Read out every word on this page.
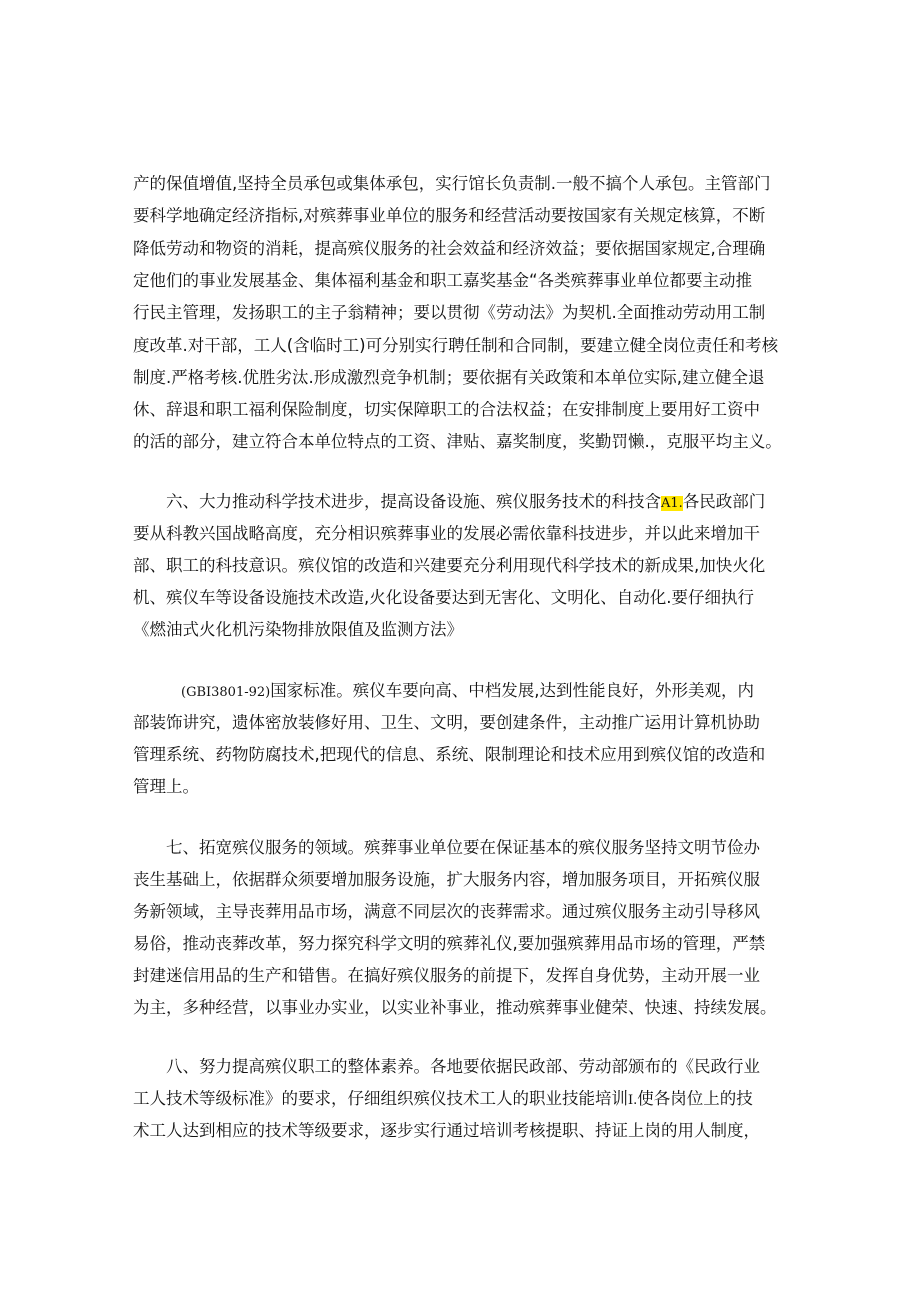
产的保值增值,坚持全员承包或集体承包，实行馆长负责制.一般不搞个人承包。主管部门
要科学地确定经济指标,对殡葬事业单位的服务和经营活动要按国家有关规定核算，不断
降低劳动和物资的消耗，提高殡仪服务的社会效益和经济效益；要依据国家规定,合理确
定他们的事业发展基金、集体福利基金和职工嘉奖基金“各类殡葬事业单位都要主动推
行民主管理，发扬职工的主子翁精神；要以贯彻《劳动法》为契机.全面推动劳动用工制
度改革.对干部，工人(含临时工)可分别实行聘任制和合同制，要建立健全岗位责任和考核
制度.严格考核.优胜劣汰.形成激烈竞争机制；要依据有关政策和本单位实际,建立健全退
休、辞退和职工福利保险制度，切实保障职工的合法权益；在安排制度上要用好工资中
的活的部分，建立符合本单位特点的工资、津贴、嘉奖制度，奖勤罚懒.，克服平均主义。
六、大力推动科学技术进步，提高设备设施、殡仪服务技术的科技含A1.各民政部门
要从科教兴国战略高度，充分相识殡葬事业的发展必需依靠科技进步，并以此来增加干
部、职工的科技意识。殡仪馆的改造和兴建要充分利用现代科学技术的新成果,加快火化
机、殡仪车等设备设施技术改造,火化设备要达到无害化、文明化、自动化.要仔细执行
《燃油式火化机污染物排放限值及监测方法》
(GBI3801-92)国家标准。殡仪车要向高、中档发展,达到性能良好，外形美观，内
部装饰讲究，遗体密放装修好用、卫生、文明，要创建条件，主动推广运用计算机协助
管理系统、药物防腐技术,把现代的信息、系统、限制理论和技术应用到殡仪馆的改造和
管理上。
七、拓宽殡仪服务的领域。殡葬事业单位要在保证基本的殡仪服务坚持文明节俭办
丧生基础上，依据群众须要增加服务设施，扩大服务内容，增加服务项目，开拓殡仪服
务新领域，主导丧葬用品市场，满意不同层次的丧葬需求。通过殡仪服务主动引导移风
易俗，推动丧葬改革，努力探究科学文明的殡葬礼仪,要加强殡葬用品市场的管理，严禁
封建迷信用品的生产和错售。在搞好殡仪服务的前提下，发挥自身优势，主动开展一业
为主，多种经营，以事业办实业，以实业补事业，推动殡葬事业健荣、快速、持续发展。
八、努力提高殡仪职工的整体素养。各地要依据民政部、劳动部颁布的《民政行业
工人技术等级标准》的要求，仔细组织殡仪技术工人的职业技能培训I.使各岗位上的技
术工人达到相应的技术等级要求，逐步实行通过培训考核提职、持证上岗的用人制度，
